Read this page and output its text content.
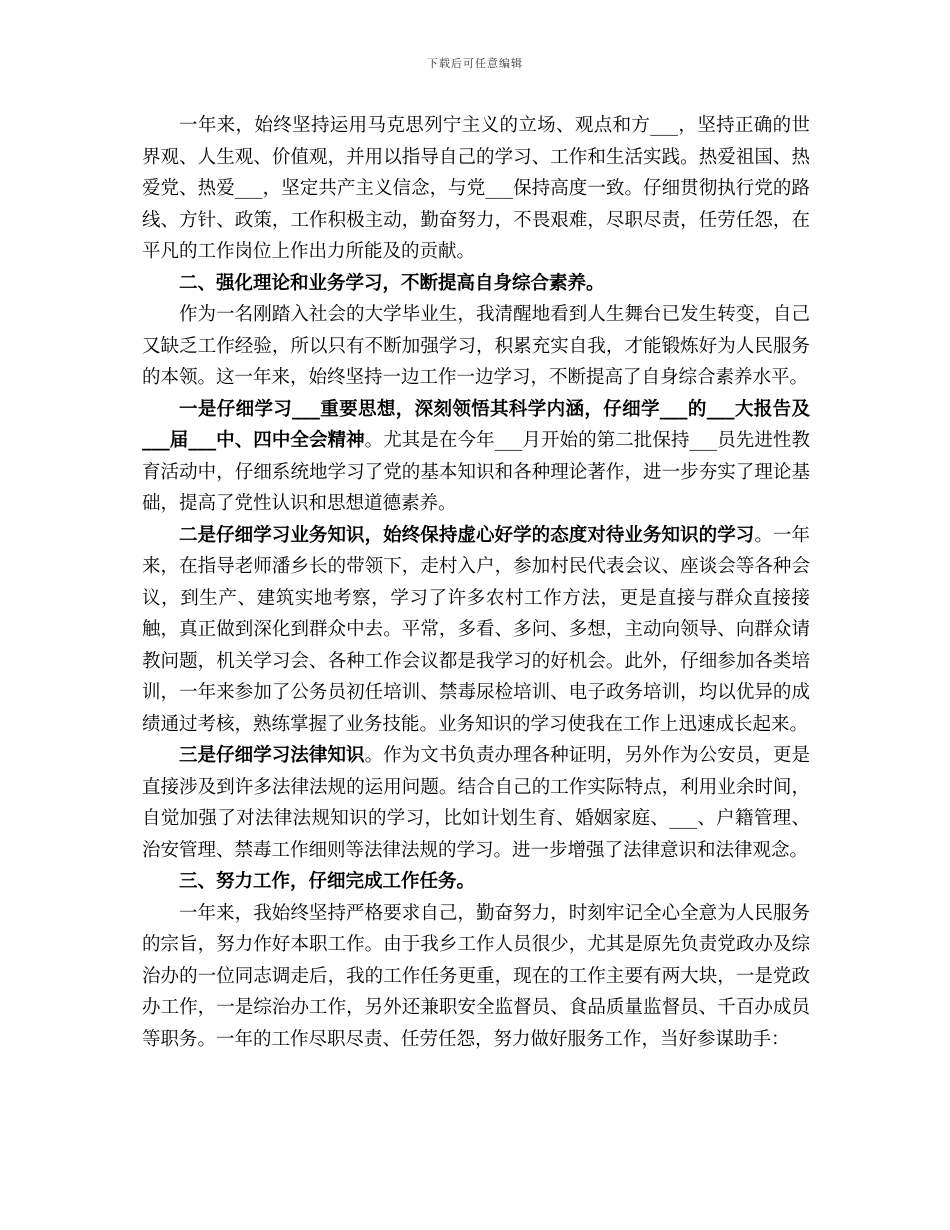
下载后可任意编辑

一年来，始终坚持运用马克思列宁主义的立场、观点和方___，坚持正确的世界观、人生观、价值观，并用以指导自己的学习、工作和生活实践。热爱祖国、热爱党、热爱___，坚定共产主义信念，与党___保持高度一致。仔细贯彻执行党的路线、方针、政策，工作积极主动，勤奋努力，不畏艰难，尽职尽责，任劳任怨，在平凡的工作岗位上作出力所能及的贡献。

二、强化理论和业务学习，不断提高自身综合素养。

作为一名刚踏入社会的大学毕业生，我清醒地看到人生舞台已发生转变，自己又缺乏工作经验，所以只有不断加强学习，积累充实自我，才能锻炼好为人民服务的本领。这一年来，始终坚持一边工作一边学习，不断提高了自身综合素养水平。

一是仔细学习___重要思想，深刻领悟其科学内涵，仔细学___的___大报告及___届___中、四中全会精神。尤其是在今年___月开始的第二批保持___员先进性教育活动中，仔细系统地学习了党的基本知识和各种理论著作，进一步夯实了理论基础，提高了党性认识和思想道德素养。

二是仔细学习业务知识，始终保持虚心好学的态度对待业务知识的学习。一年来，在指导老师潘乡长的带领下，走村入户，参加村民代表会议、座谈会等各种会议，到生产、建筑实地考察，学习了许多农村工作方法，更是直接与群众直接接触，真正做到深化到群众中去。平常，多看、多问、多想，主动向领导、向群众请教问题，机关学习会、各种工作会议都是我学习的好机会。此外，仔细参加各类培训，一年来参加了公务员初任培训、禁毒尿检培训、电子政务培训，均以优异的成绩通过考核，熟练掌握了业务技能。业务知识的学习使我在工作上迅速成长起来。

三是仔细学习法律知识。作为文书负责办理各种证明，另外作为公安员，更是直接涉及到许多法律法规的运用问题。结合自己的工作实际特点，利用业余时间，自觉加强了对法律法规知识的学习，比如计划生育、婚姻家庭、___、户籍管理、治安管理、禁毒工作细则等法律法规的学习。进一步增强了法律意识和法律观念。

三、努力工作，仔细完成工作任务。

一年来，我始终坚持严格要求自己，勤奋努力，时刻牢记全心全意为人民服务的宗旨，努力作好本职工作。由于我乡工作人员很少，尤其是原先负责党政办及综治办的一位同志调走后，我的工作任务更重，现在的工作主要有两大块，一是党政办工作，一是综治办工作，另外还兼职安全监督员、食品质量监督员、千百办成员等职务。一年的工作尽职尽责、任劳任怨，努力做好服务工作，当好参谋助手：
